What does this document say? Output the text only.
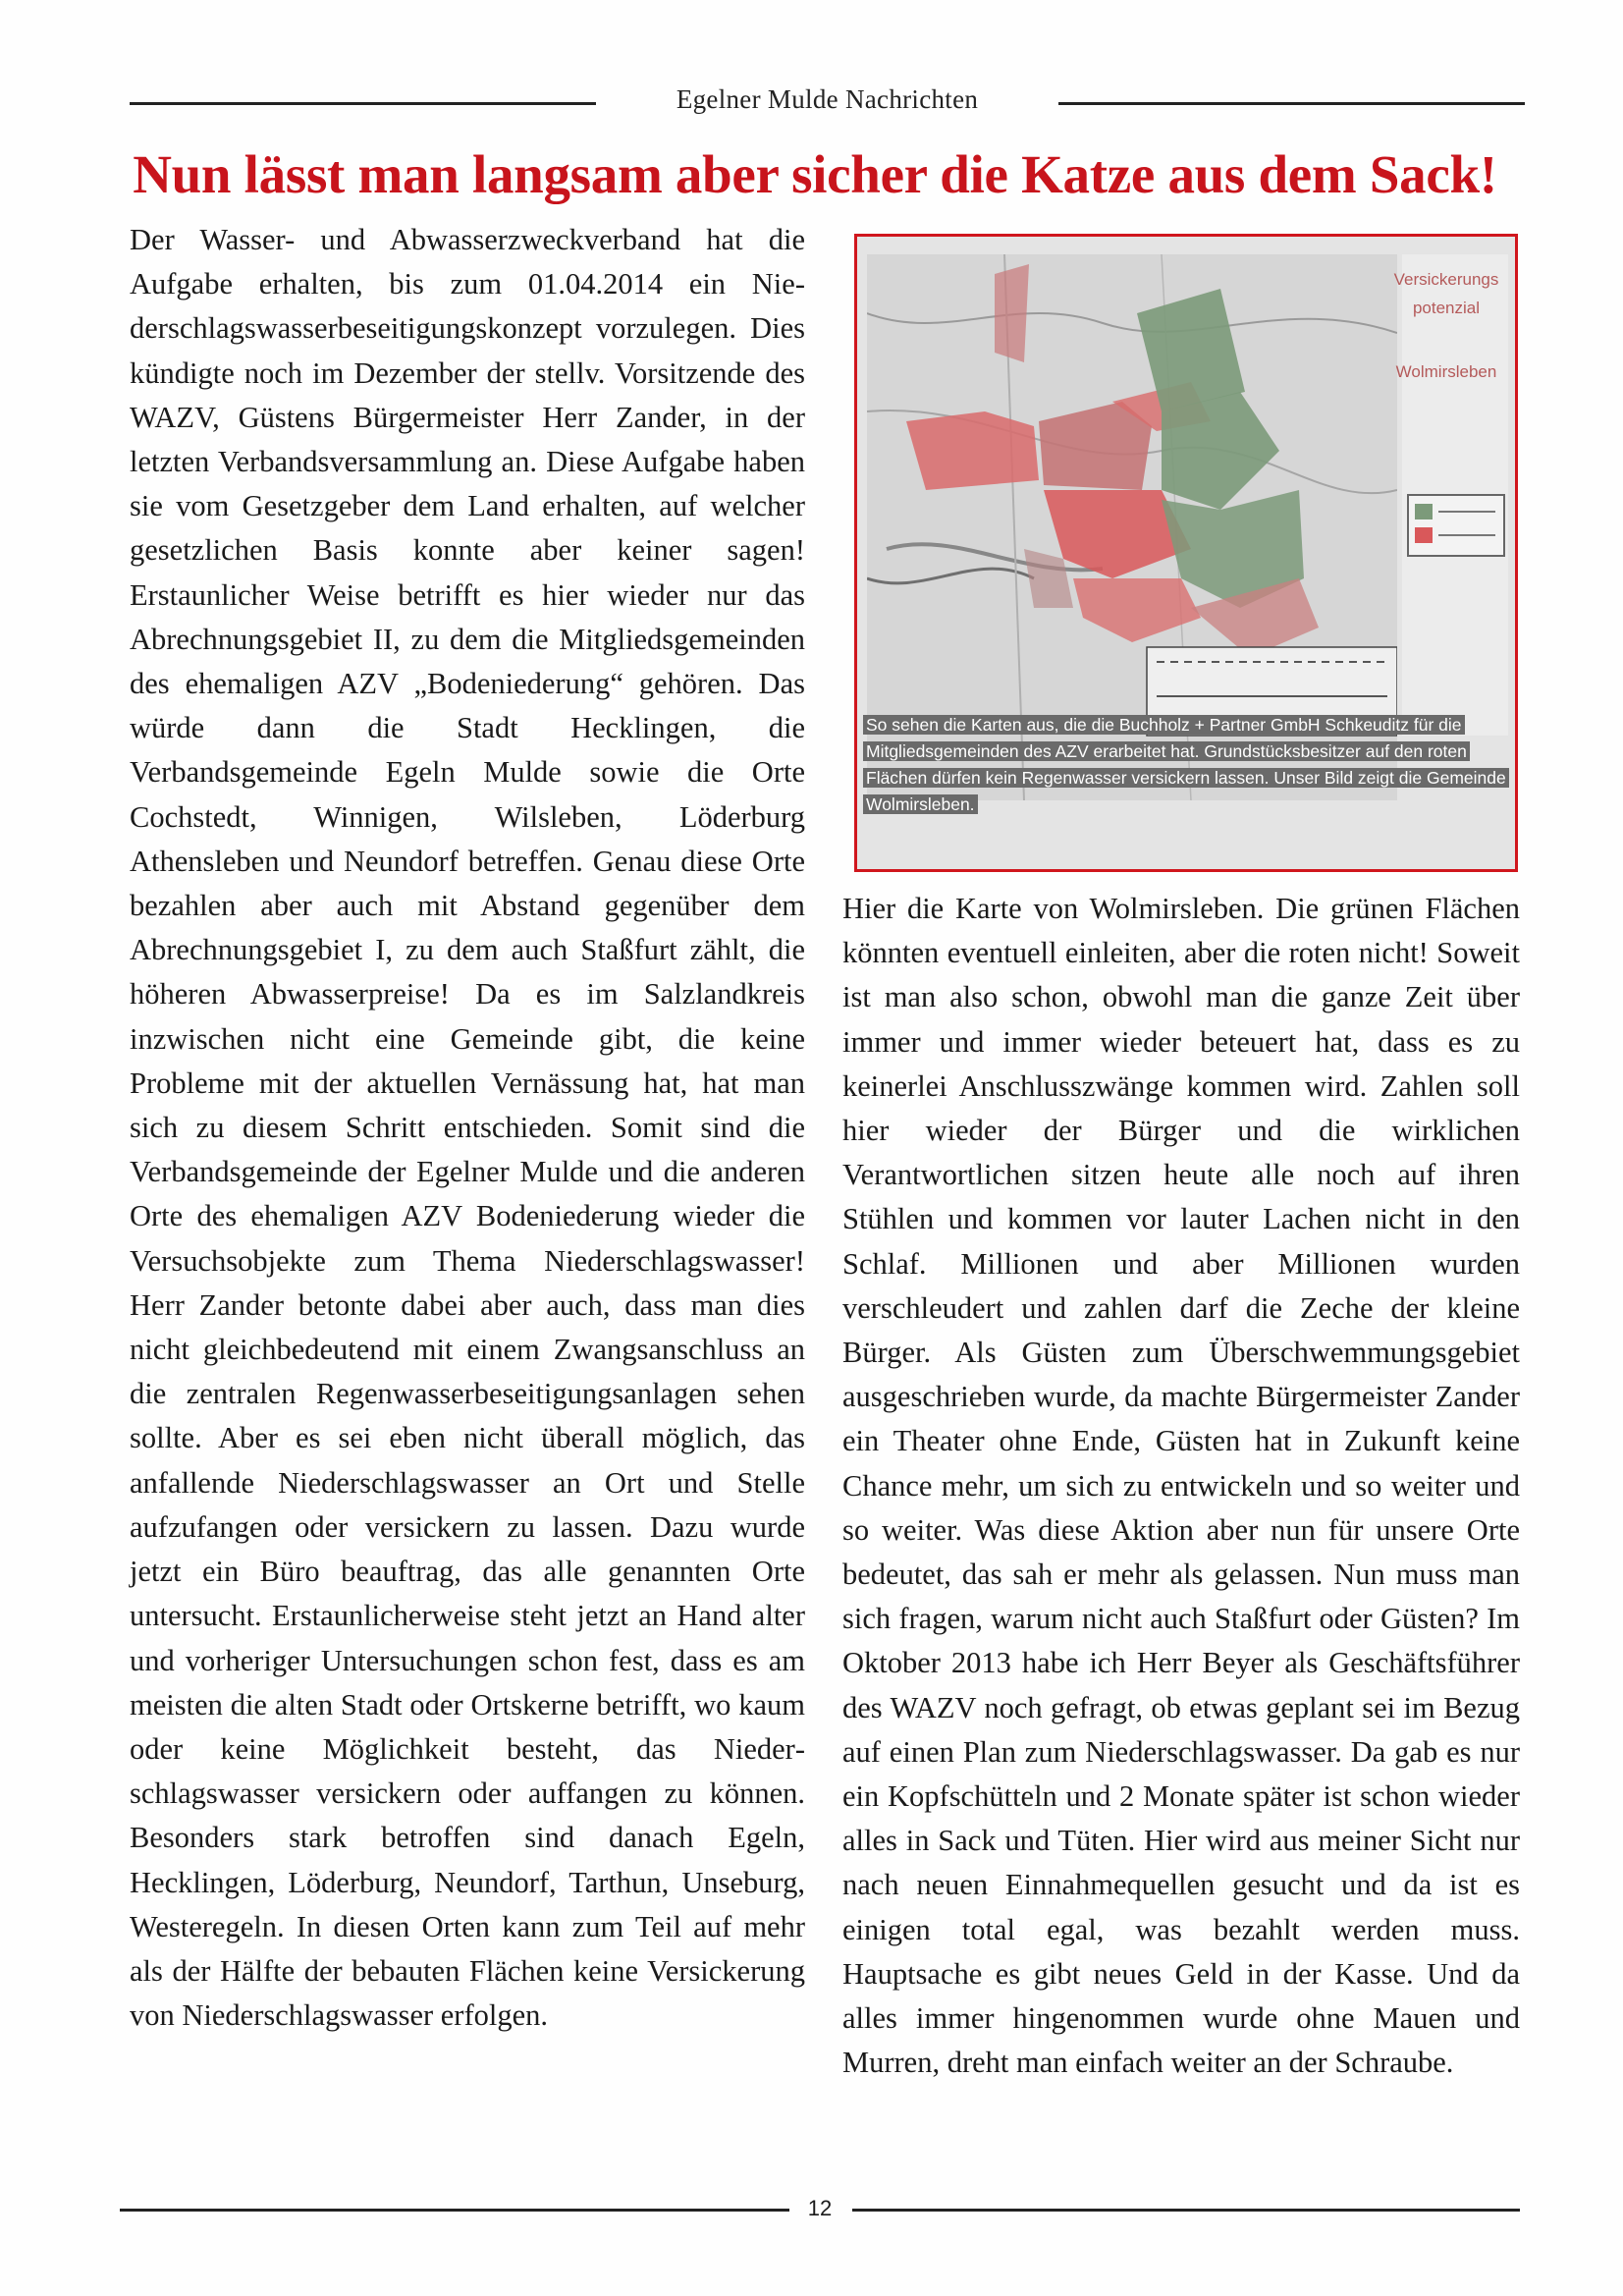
Egelner Mulde Nachrichten
Nun lässt man langsam aber sicher die Katze aus dem Sack!

Der Wasser- und Abwasserzweckverband hat die Aufgabe erhalten, bis zum 01.04.2014 ein Niederschlagswasserbeseitigungskonzept vorzulegen. Dies kündigte noch im Dezember der stellv. Vorsitzende des WAZV, Güstens Bürgermeister Herr Zander, in der letzten Verbandsversammlung an. Diese Aufgabe haben sie vom Gesetzgeber dem Land erhalten, auf welcher gesetzlichen Basis konnte aber keiner sagen! Erstaunlicher Weise betrifft es hier wieder nur das Abrechnungsgebiet II, zu dem die Mitgliedsgemeinden des ehemaligen AZV „Bodeniederung“ gehören. Das würde dann die Stadt Hecklingen, die Verbandsgemeinde Egeln Mulde sowie die Orte Cochstedt, Winnigen, Wilsleben, Löderburg Athensleben und Neundorf betreffen. Genau diese Orte bezahlen aber auch mit Abstand gegenüber dem Abrechnungsgebiet I, zu dem auch Staßfurt zählt, die höheren Abwasserpreise! Da es im Salzlandkreis inzwischen nicht eine Gemeinde gibt, die keine Probleme mit der aktuellen Vernässung hat, hat man sich zu diesem Schritt entschieden. Somit sind die Verbandsgemeinde der Egelner Mulde und die anderen Orte des ehemaligen AZV Bodeniederung wieder die Versuchsobjekte zum Thema Niederschlagswasser! Herr Zander betonte dabei aber auch, dass man dies nicht gleichbedeutend mit einem Zwangsanschluss an die zentralen Regenwasserbeseitigungsanlagen sehen sollte. Aber es sei eben nicht überall möglich, das anfallende Niederschlagswasser an Ort und Stelle aufzufangen oder versickern zu lassen. Dazu wurde jetzt ein Büro beauftrag, das alle genannten Orte untersucht. Erstaunlicherweise steht jetzt an Hand alter und vorheriger Untersuchungen schon fest, dass es am meisten die alten Stadt oder Ortskerne betrifft, wo kaum oder keine Möglichkeit besteht, das Niederschlagswasser versickern oder auffangen zu können. Besonders stark betroffen sind danach Egeln, Hecklingen, Löderburg, Neundorf, Tarthun, Unseburg, Westeregeln. In diesen Orten kann zum Teil auf mehr als der Hälfte der bebauten Flächen keine Versickerung von Niederschlagswasser erfolgen.

Versickerungs
potenzial
Wolmirsleben
So sehen die Karten aus, die die Buchholz + Partner GmbH Schkeuditz für die Mitgliedsgemeinden des AZV erarbeitet hat. Grundstücksbesitzer auf den roten Flächen dürfen kein Regenwasser versickern lassen. Unser Bild zeigt die Gemeinde Wolmirsleben.

Hier die Karte von Wolmirsleben. Die grünen Flächen könnten eventuell einleiten, aber die roten nicht! Soweit ist man also schon, obwohl man die ganze Zeit über immer und immer wieder beteuert hat, dass es zu keinerlei Anschlusszwänge kommen wird. Zahlen soll hier wieder der Bürger und die wirklichen Verantwortlichen sitzen heute alle noch auf ihren Stühlen und kommen vor lauter Lachen nicht in den Schlaf. Millionen und aber Millionen wurden verschleudert und zahlen darf die Zeche der kleine Bürger. Als Güsten zum Überschwemmungsgebiet ausgeschrieben wurde, da machte Bürgermeister Zander ein Theater ohne Ende, Güsten hat in Zukunft keine Chance mehr, um sich zu entwickeln und so weiter und so weiter. Was diese Aktion aber nun für unsere Orte bedeutet, das sah er mehr als gelassen. Nun muss man sich fragen, warum nicht auch Staßfurt oder Güsten? Im Oktober 2013 habe ich Herr Beyer als Geschäftsführer des WAZV noch gefragt, ob etwas geplant sei im Bezug auf einen Plan zum Niederschlagswasser. Da gab es nur ein Kopfschütteln und 2 Monate später ist schon wieder alles in Sack und Tüten. Hier wird aus meiner Sicht nur nach neuen Einnahmequellen gesucht und da ist es einigen total egal, was bezahlt werden muss. Hauptsache es gibt neues Geld in der Kasse. Und da alles immer hingenommen wurde ohne Mauen und Murren, dreht man einfach weiter an der Schraube.

12
